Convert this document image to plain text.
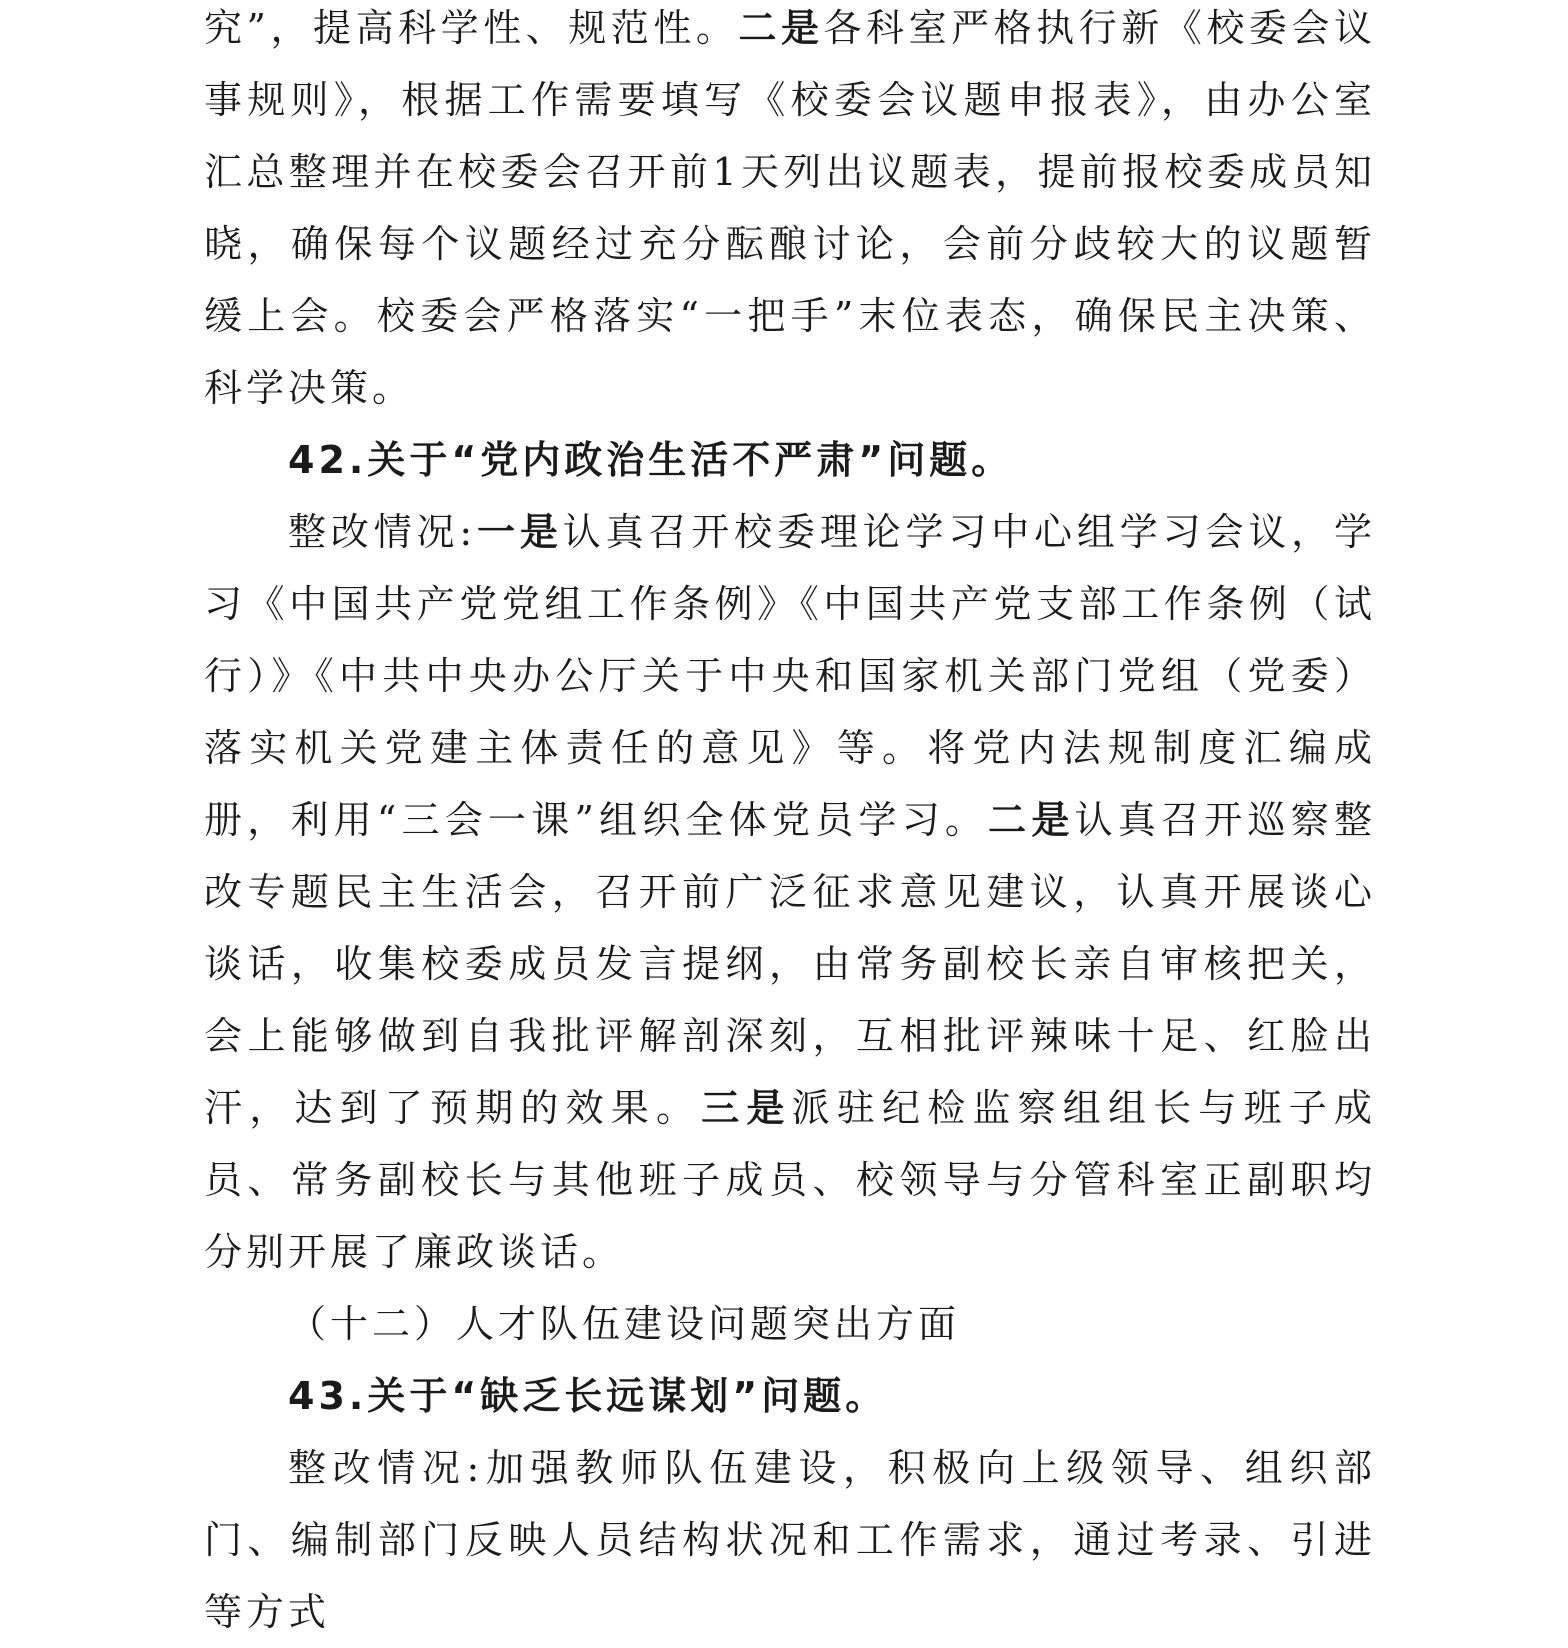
究”，提高科学性、规范性。二是各科室严格执行新《校委会议事规则》，根据工作需要填写《校委会议题申报表》，由办公室汇总整理并在校委会召开前1天列出议题表，提前报校委成员知晓，确保每个议题经过充分酝酿讨论，会前分歧较大的议题暂缓上会。校委会严格落实“一把手”末位表态，确保民主决策、科学决策。

42.关于“党内政治生活不严肃”问题。

整改情况:一是认真召开校委理论学习中心组学习会议，学习《中国共产党党组工作条例》《中国共产党支部工作条例（试行）》《中共中央办公厅关于中央和国家机关部门党组（党委）落实机关党建主体责任的意见》等。将党内法规制度汇编成册，利用“三会一课”组织全体党员学习。二是认真召开巡察整改专题民主生活会，召开前广泛征求意见建议，认真开展谈心谈话，收集校委成员发言提纲，由常务副校长亲自审核把关，会上能够做到自我批评解剖深刻，互相批评辣味十足、红脸出汗，达到了预期的效果。三是派驻纪检监察组组长与班子成员、常务副校长与其他班子成员、校领导与分管科室正副职均分别开展了廉政谈话。

（十二）人才队伍建设问题突出方面

43.关于“缺乏长远谋划”问题。

整改情况:加强教师队伍建设，积极向上级领导、组织部门、编制部门反映人员结构状况和工作需求，通过考录、引进等方式
